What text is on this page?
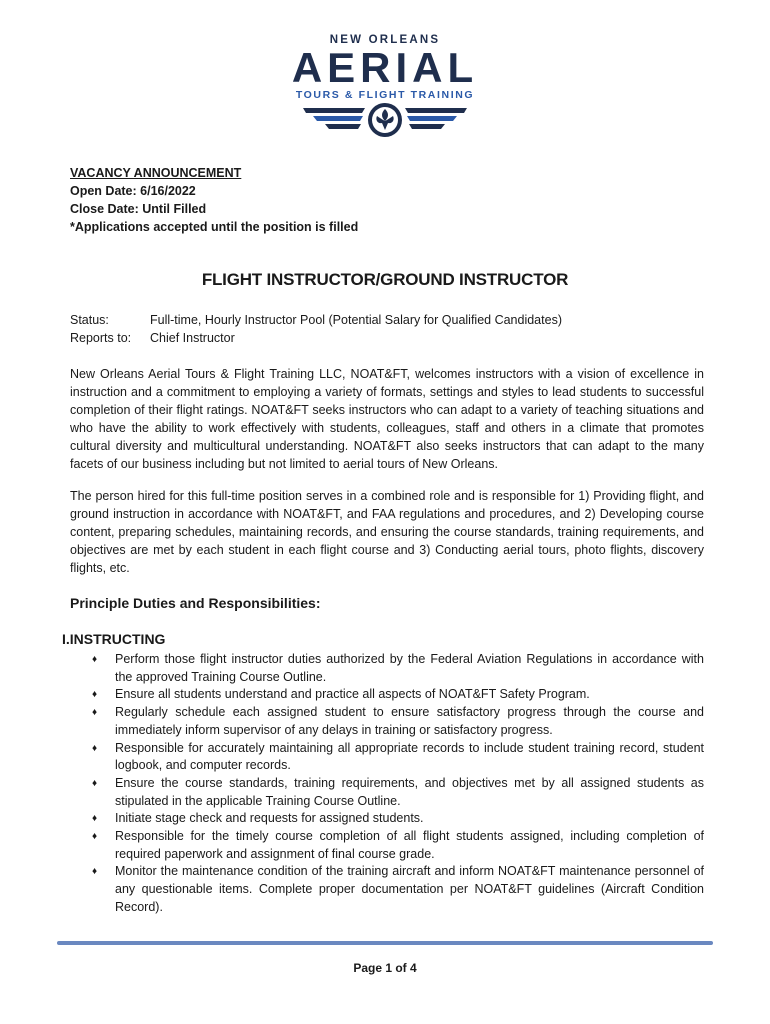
NEW ORLEANS
AERIAL
TOURS & FLIGHT TRAINING
VACANCY ANNOUNCEMENT
Open Date: 6/16/2022
Close Date: Until Filled
*Applications accepted until the position is filled
FLIGHT INSTRUCTOR/GROUND INSTRUCTOR
Status:	Full-time, Hourly Instructor Pool (Potential Salary for Qualified Candidates)
Reports to:	Chief Instructor

New Orleans Aerial Tours & Flight Training LLC, NOAT&FT, welcomes instructors with a vision of excellence in instruction and a commitment to employing a variety of formats, settings and styles to lead students to successful completion of their flight ratings. NOAT&FT seeks instructors who can adapt to a variety of teaching situations and who have the ability to work effectively with students, colleagues, staff and others in a climate that promotes cultural diversity and multicultural understanding. NOAT&FT also seeks instructors that can adapt to the many facets of our business including but not limited to aerial tours of New Orleans.

The person hired for this full-time position serves in a combined role and is responsible for 1) Providing flight, and ground instruction in accordance with NOAT&FT, and FAA regulations and procedures, and 2) Developing course content, preparing schedules, maintaining records, and ensuring the course standards, training requirements, and objectives are met by each student in each flight course and 3) Conducting aerial tours, photo flights, discovery flights, etc.

Principle Duties and Responsibilities:
I.INSTRUCTING
♦ Perform those flight instructor duties authorized by the Federal Aviation Regulations in accordance with the approved Training Course Outline.
♦ Ensure all students understand and practice all aspects of NOAT&FT Safety Program.
♦ Regularly schedule each assigned student to ensure satisfactory progress through the course and immediately inform supervisor of any delays in training or satisfactory progress.
♦ Responsible for accurately maintaining all appropriate records to include student training record, student logbook, and computer records.
♦ Ensure the course standards, training requirements, and objectives met by all assigned students as stipulated in the applicable Training Course Outline.
♦ Initiate stage check and requests for assigned students.
♦ Responsible for the timely course completion of all flight students assigned, including completion of required paperwork and assignment of final course grade.
♦ Monitor the maintenance condition of the training aircraft and inform NOAT&FT maintenance personnel of any questionable items. Complete proper documentation per NOAT&FT guidelines (Aircraft Condition Record).
Page 1 of 4
